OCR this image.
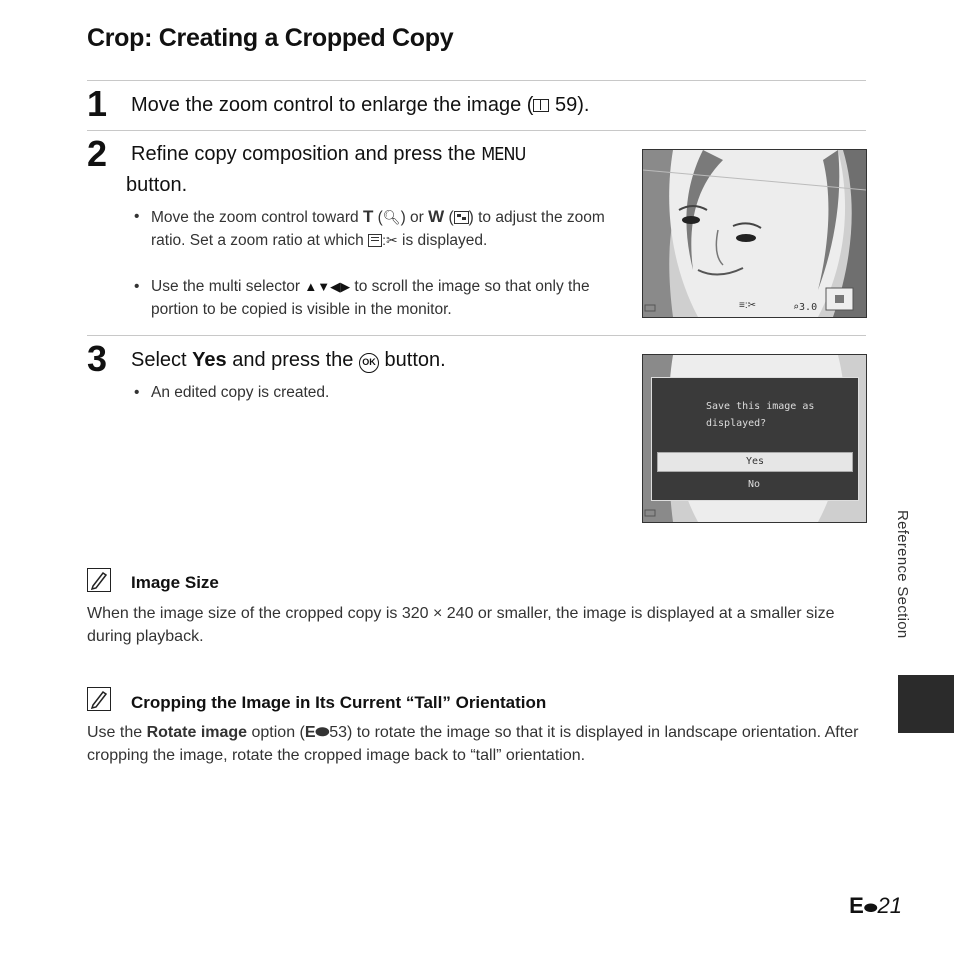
Crop: Creating a Cropped Copy
1 Move the zoom control to enlarge the image (
59).
2 Refine copy composition and press the MENU
button.
• Move the zoom control toward T (🔍︎) or W ( ) to adjust the zoom ratio. Set a zoom ratio at which
:✂︎ is displayed.
• Use the multi selector ▲▼◀▶ to scroll the image so that only the portion to be copied is visible in the monitor.	≡:✂︎	⌕3.0
3 Select Yes and press the OK button.
• An edited copy is created.
Save this image as
displayed?
Yes
No
Image Size
When the image size of the cropped copy is 320 × 240 or smaller, the image is displayed at a smaller size during playback.
Cropping the Image in Its Current “Tall” Orientation
Use the Rotate image option (E⬬53) to rotate the image so that it is displayed in landscape orientation. After cropping the image, rotate the cropped image back to “tall” orientation.
Reference Section
E⬬21
